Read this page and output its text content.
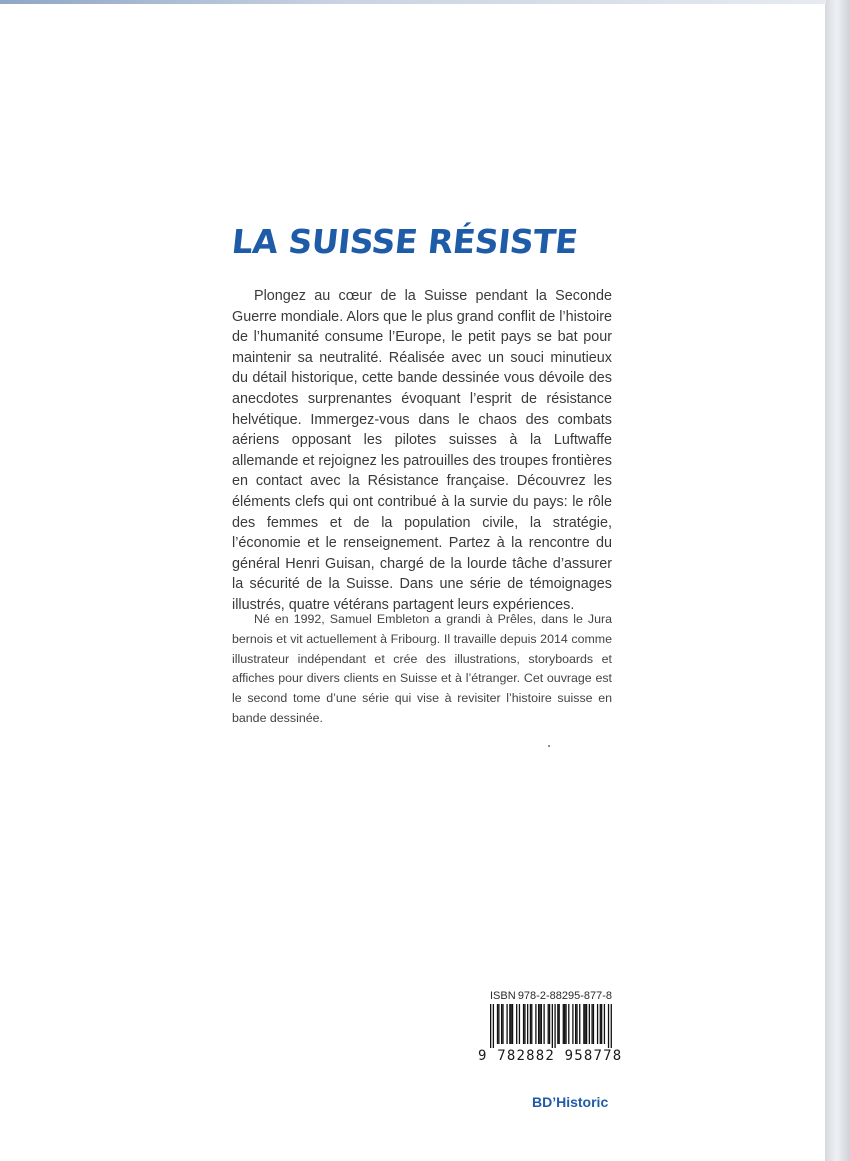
LA SUISSE RÉSISTE

Plongez au cœur de la Suisse pendant la Seconde Guerre mondiale. Alors que le plus grand conflit de l’histoire de l’humanité consume l’Europe, le petit pays se bat pour maintenir sa neutralité. Réalisée avec un souci minutieux du détail historique, cette bande dessinée vous dévoile des anecdotes surprenantes évoquant l’esprit de résistance helvétique. Immergez-vous dans le chaos des combats aériens opposant les pilotes suisses à la Luftwaffe allemande et rejoignez les patrouilles des troupes frontières en contact avec la Résistance française. Découvrez les éléments clefs qui ont contribué à la survie du pays: le rôle des femmes et de la population civile, la stratégie, l’économie et le renseignement. Partez à la rencontre du général Henri Guisan, chargé de la lourde tâche d’assurer la sécurité de la Suisse. Dans une série de témoignages illustrés, quatre vétérans partagent leurs expériences.

Né en 1992, Samuel Embleton a grandi à Prêles, dans le Jura bernois et vit actuellement à Fribourg. Il travaille depuis 2014 comme illustrateur indépendant et crée des illustrations, storyboards et affiches pour divers clients en Suisse et à l’étranger. Cet ouvrage est le second tome d’une série qui vise à revisiter l’histoire suisse en bande dessinée.

ISBN 978-2-88295-877-8
9 782882 958778
BD’Historic
